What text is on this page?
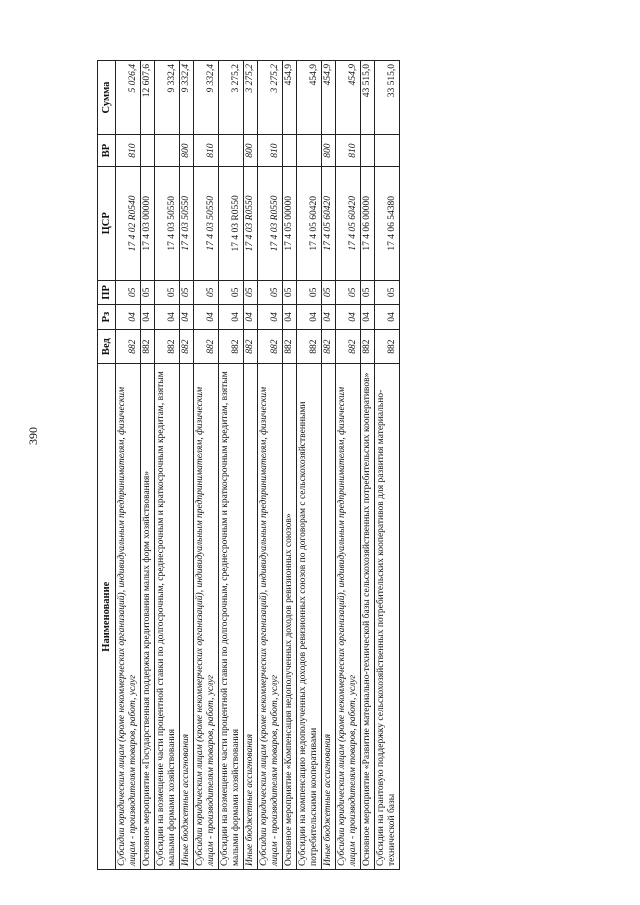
390
Наименование	Вед	Рз	ПР	ЦСР	ВР	Сумма
Субсидии юридическим лицам (кроме некоммерческих организаций), индивидуальным предпринимателям, физическим лицам - производителям товаров, работ, услуг	882	04	05	17 4 02 R0540	810	5 026,4
Основное мероприятие «Государственная поддержка кредитования малых форм хозяйствования»	882	04	05	17 4 03 00000		12 607,6
Субсидии на возмещение части процентной ставки по долгосрочным, среднесрочным и краткосрочным кредитам, взятым малыми формами хозяйствования	882	04	05	17 4 03 50550		9 332,4
Иные бюджетные ассигнования	882	04	05	17 4 03 50550	800	9 332,4
Субсидии юридическим лицам (кроме некоммерческих организаций), индивидуальным предпринимателям, физическим лицам - производителям товаров, работ, услуг	882	04	05	17 4 03 50550	810	9 332,4
Субсидии на возмещение части процентной ставки по долгосрочным, среднесрочным и краткосрочным кредитам, взятым малыми формами хозяйствования	882	04	05	17 4 03 R0550		3 275,2
Иные бюджетные ассигнования	882	04	05	17 4 03 R0550	800	3 275,2
Субсидии юридическим лицам (кроме некоммерческих организаций), индивидуальным предпринимателям, физическим лицам - производителям товаров, работ, услуг	882	04	05	17 4 03 R0550	810	3 275,2
Основное мероприятие «Компенсация недополученных доходов ревизионных союзов»	882	04	05	17 4 05 00000		454,9
Субсидии на компенсацию недополученных доходов ревизионных союзов по договорам с сельскохозяйственными потребительскими кооперативами	882	04	05	17 4 05 60420		454,9
Иные бюджетные ассигнования	882	04	05	17 4 05 60420	800	454,9
Субсидии юридическим лицам (кроме некоммерческих организаций), индивидуальным предпринимателям, физическим лицам - производителям товаров, работ, услуг	882	04	05	17 4 05 60420	810	454,9
Основное мероприятие «Развитие материально-технической базы сельскохозяйственных потребительских кооперативов»	882	04	05	17 4 06 00000		43 515,0
Субсидии на грантовую поддержку сельскохозяйственных потребительских кооперативов для развития материально-технической базы	882	04	05	17 4 06 54380		33 515,0
